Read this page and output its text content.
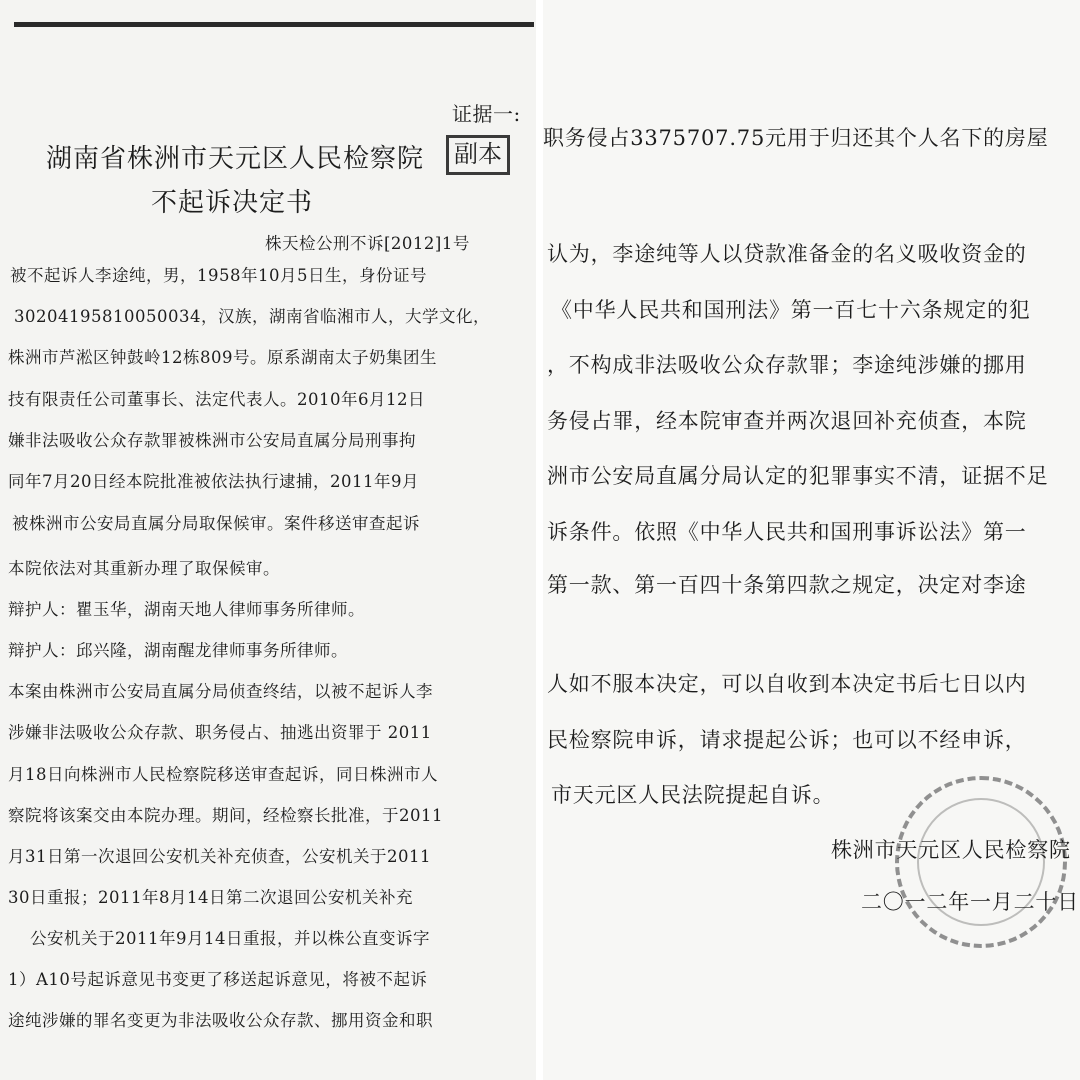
证据一:
副本
湖南省株洲市天元区人民检察院
不起诉决定书
株天检公刑不诉[2012]1号
被不起诉人李途纯，男，1958年10月5日生，身份证号
30204195810050034，汉族，湖南省临湘市人，大学文化，
株洲市芦淞区钟鼓岭12栋809号。原系湖南太子奶集团生
技有限责任公司董事长、法定代表人。2010年6月12日
嫌非法吸收公众存款罪被株洲市公安局直属分局刑事拘
同年7月20日经本院批准被依法执行逮捕，2011年9月
被株洲市公安局直属分局取保候审。案件移送审查起诉
本院依法对其重新办理了取保候审。
辩护人：瞿玉华，湖南天地人律师事务所律师。
辩护人：邱兴隆，湖南醒龙律师事务所律师。
本案由株洲市公安局直属分局侦查终结，以被不起诉人李
涉嫌非法吸收公众存款、职务侵占、抽逃出资罪于 2011
月18日向株洲市人民检察院移送审查起诉，同日株洲市人
察院将该案交由本院办理。期间，经检察长批准，于2011
月31日第一次退回公安机关补充侦查，公安机关于2011
30日重报；2011年8月14日第二次退回公安机关补充
公安机关于2011年9月14日重报，并以株公直变诉字
1）A10号起诉意见书变更了移送起诉意见，将被不起诉
途纯涉嫌的罪名变更为非法吸收公众存款、挪用资金和职
职务侵占3375707.75元用于归还其个人名下的房屋
认为，李途纯等人以贷款准备金的名义吸收资金的
《中华人民共和国刑法》第一百七十六条规定的犯
，不构成非法吸收公众存款罪；李途纯涉嫌的挪用
务侵占罪，经本院审查并两次退回补充侦查，本院
洲市公安局直属分局认定的犯罪事实不清，证据不足
诉条件。依照《中华人民共和国刑事诉讼法》第一
第一款、第一百四十条第四款之规定，决定对李途
人如不服本决定，可以自收到本决定书后七日以内
民检察院申诉，请求提起公诉；也可以不经申诉，
市天元区人民法院提起自诉。
株洲市天元区人民检察院
二〇一二年一月二十日
